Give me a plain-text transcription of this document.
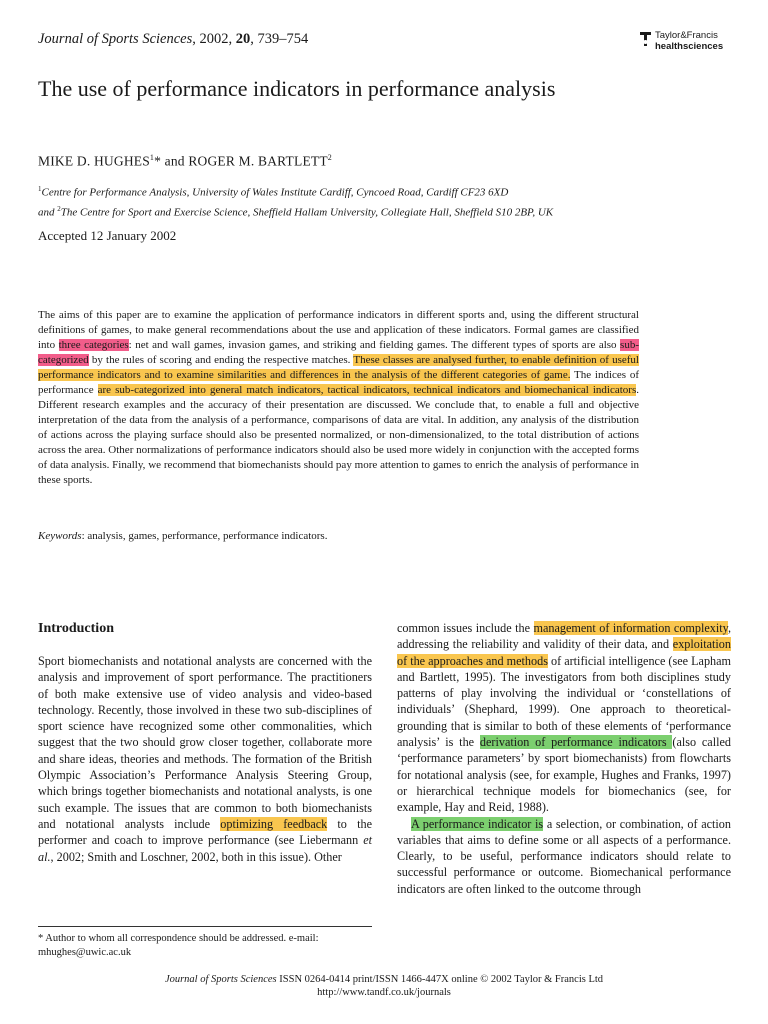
Journal of Sports Sciences, 2002, 20, 739–754	Taylor&Francis
healthsciences
The use of performance indicators in performance analysis
MIKE D. HUGHES$^1$* and ROGER M. BARTLETT$^2$
$^1$Centre for Performance Analysis, University of Wales Institute Cardiff, Cyncoed Road, Cardiff CF23 6XD
and $^2$The Centre for Sport and Exercise Science, Sheffield Hallam University, Collegiate Hall, Sheffield S10 2BP, UK
Accepted 12 January 2002
The aims of this paper are to examine the application of performance indicators in different sports and, using the different structural definitions of games, to make general recommendations about the use and application of these indicators. Formal games are classified into three categories: net and wall games, invasion games, and striking and fielding games. The different types of sports are also sub-categorized by the rules of scoring and ending the respective matches. These classes are analysed further, to enable definition of useful performance indicators and to examine similarities and differences in the analysis of the different categories of game. The indices of performance are sub-categorized into general match indicators, tactical indicators, technical indicators and biomechanical indicators. Different research examples and the accuracy of their presentation are discussed. We conclude that, to enable a full and objective interpretation of the data from the analysis of a performance, comparisons of data are vital. In addition, any analysis of the distribution of actions across the playing surface should also be presented normalized, or non-dimensionalized, to the total distribution of actions across the area. Other normalizations of performance indicators should also be used more widely in conjunction with the accepted forms of data analysis. Finally, we recommend that biomechanists should pay more attention to games to enrich the analysis of performance in these sports.
Keywords: analysis, games, performance, performance indicators.
Introduction
Sport biomechanists and notational analysts are concerned with the analysis and improvement of sport performance. The practitioners of both make extensive use of video analysis and video-based technology. Recently, those involved in these two sub-disciplines of sport science have recognized some other commonalities, which suggest that the two should grow closer together, collaborate more and share ideas, theories and methods. The formation of the British Olympic Association’s Performance Analysis Steering Group, which brings together biomechanists and notational analysts, is one such example. The issues that are common to both biomechanists and notational analysts include optimizing feedback to the performer and coach to improve performance (see Liebermann et al., 2002; Smith and Loschner, 2002, both in this issue). Other
common issues include the management of information complexity, addressing the reliability and validity of their data, and exploitation of the approaches and methods of artificial intelligence (see Lapham and Bartlett, 1995). The investigators from both disciplines study patterns of play involving the individual or ‘constellations of individuals’ (Shephard, 1999). One approach to theoretical-grounding that is similar to both of these elements of ‘performance analysis’ is the derivation of performance indicators (also called ‘performance parameters’ by sport biomechanists) from flowcharts for notational analysis (see, for example, Hughes and Franks, 1997) or hierarchical technique models for biomechanics (see, for example, Hay and Reid, 1988).
A performance indicator is a selection, or combination, of action variables that aims to define some or all aspects of a performance. Clearly, to be useful, performance indicators should relate to successful performance or outcome. Biomechanical performance indicators are often linked to the outcome through
* Author to whom all correspondence should be addressed. e-mail: mhughes@uwic.ac.uk
Journal of Sports Sciences ISSN 0264-0414 print/ISSN 1466-447X online © 2002 Taylor & Francis Ltd
http://www.tandf.co.uk/journals
